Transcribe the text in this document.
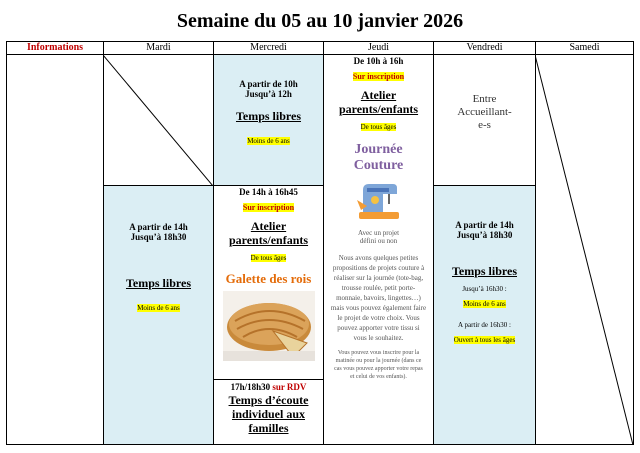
Semaine du 05 au 10 janvier 2026
Informations	Mardi	Mercredi	Jeudi	Vendredi	Samedi
A partir de 14h
Jusqu’à 18h30
Temps libres
Moins de 6 ans
A partir de 10h
Jusqu’à 12h
Temps libres
Moins de 6 ans
De 14h à 16h45
Sur inscription
Atelier parents/enfants
De tous âges
Galette des rois
17h/18h30 sur RDV
Temps d’écoute individuel aux familles
De 10h à 16h
Sur inscription
Atelier parents/enfants
De tous âges
Journée Couture
Avec un projet
défini ou non
Nous avons quelques petites propositions de projets couture à réaliser sur la journée (tote-bag, trousse roulée, petit porte-monnaie, bavoirs, lingettes…) mais vous pouvez également faire le projet de votre choix. Vous pouvez apporter votre tissu si vous le souhaitez.
Vous pouvez vous inscrire pour la matinée ou pour la journée (dans ce cas vous pouvez apporter votre repas et celui de vos enfants).
Entre Accueillant-e-s
A partir de 14h
Jusqu’à 18h30
Temps libres
Jusqu’à 16h30 :
Moins de 6 ans
A partir de 16h30 :
Ouvert à tous les âges
